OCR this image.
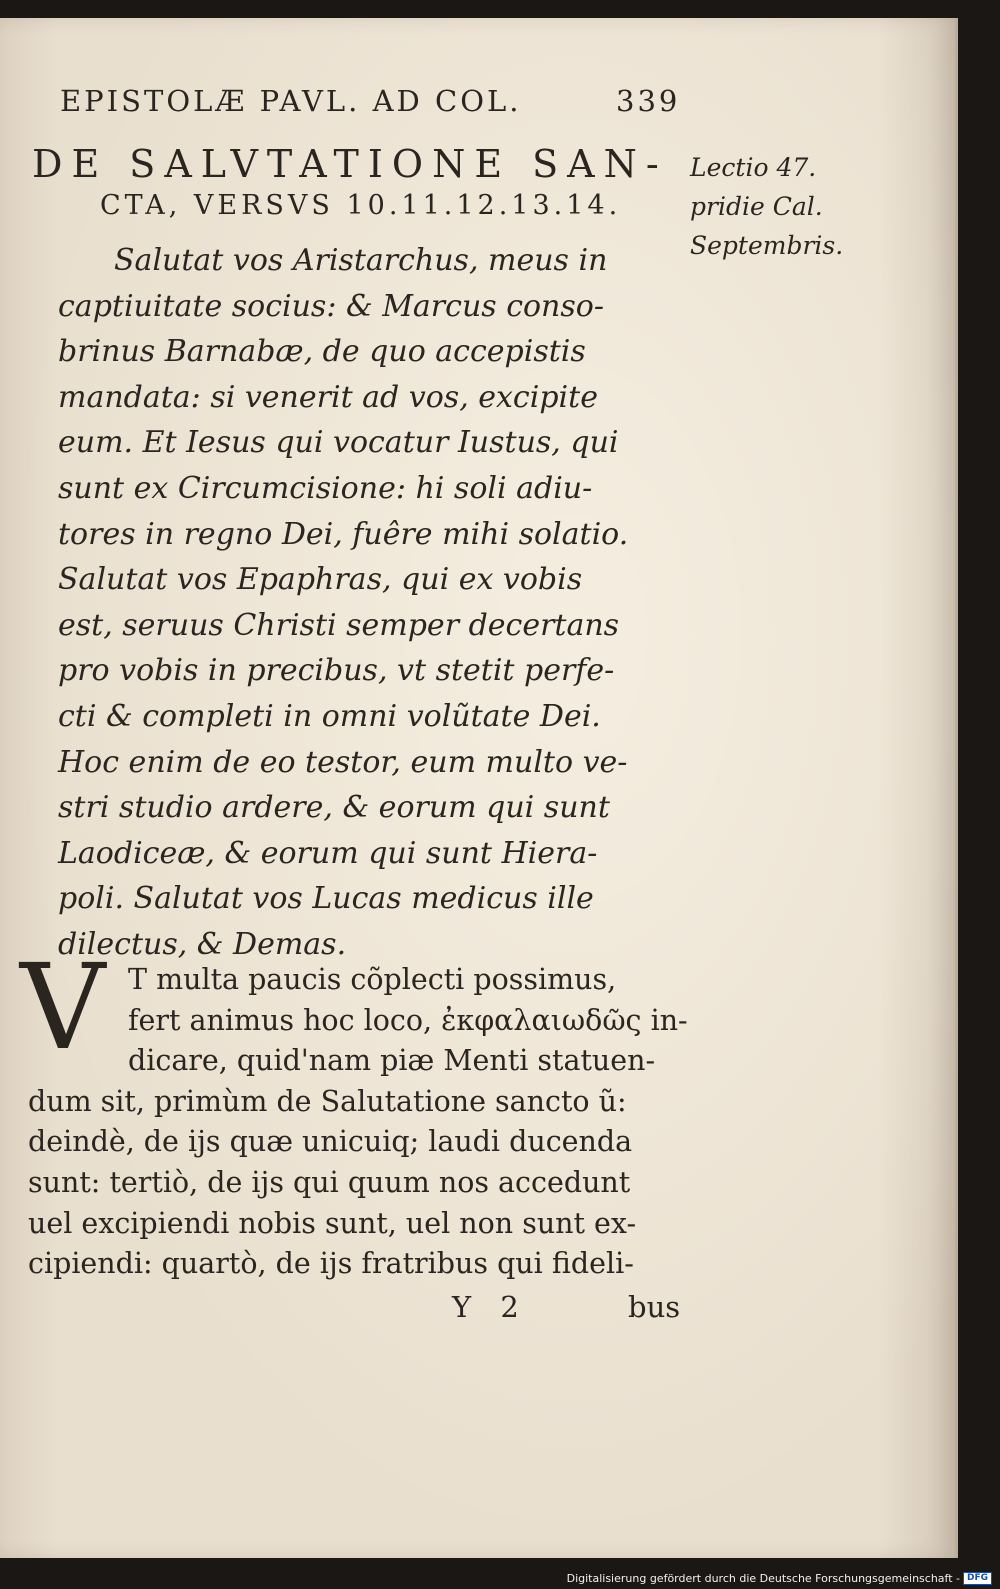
EPISTOLÆ PAVL. AD COL.	339
DE SALVTATIONE SAN-
CTA, VERSVS 10.11.12.13.14.
Lectio 47.
pridie Cal.
Septembris.
Salutat vos Aristarchus, meus in
captiuitate socius: & Marcus conso-
brinus Barnabæ, de quo accepistis
mandata: si venerit ad vos, excipite
eum. Et Iesus qui vocatur Iustus, qui
sunt ex Circumcisione: hi soli adiu-
tores in regno Dei, fuêre mihi solatio.
Salutat vos Epaphras, qui ex vobis
est, seruus Christi semper decertans
pro vobis in precibus, vt stetit perfe-
cti & completi in omni volũtate Dei.
Hoc enim de eo testor, eum multo ve-
stri studio ardere, & eorum qui sunt
Laodiceæ, & eorum qui sunt Hiera-
poli. Salutat vos Lucas medicus ille
dilectus, & Demas.
V T multa paucis cõplecti possimus,
fert animus hoc loco, ἐκφαλαιωδῶς in-
dicare, quid'nam piæ Menti statuen-
dum sit, primùm de Salutatione sancto ũ:
deindè, de ijs quæ unicuiq; laudi ducenda
sunt: tertiò, de ijs qui quum nos accedunt
uel excipiendi nobis sunt, uel non sunt ex-
cipiendi: quartò, de ijs fratribus qui fideli-
Y 2	bus
Digitalisierung gefördert durch die Deutsche Forschungsgemeinschaft - DFG
